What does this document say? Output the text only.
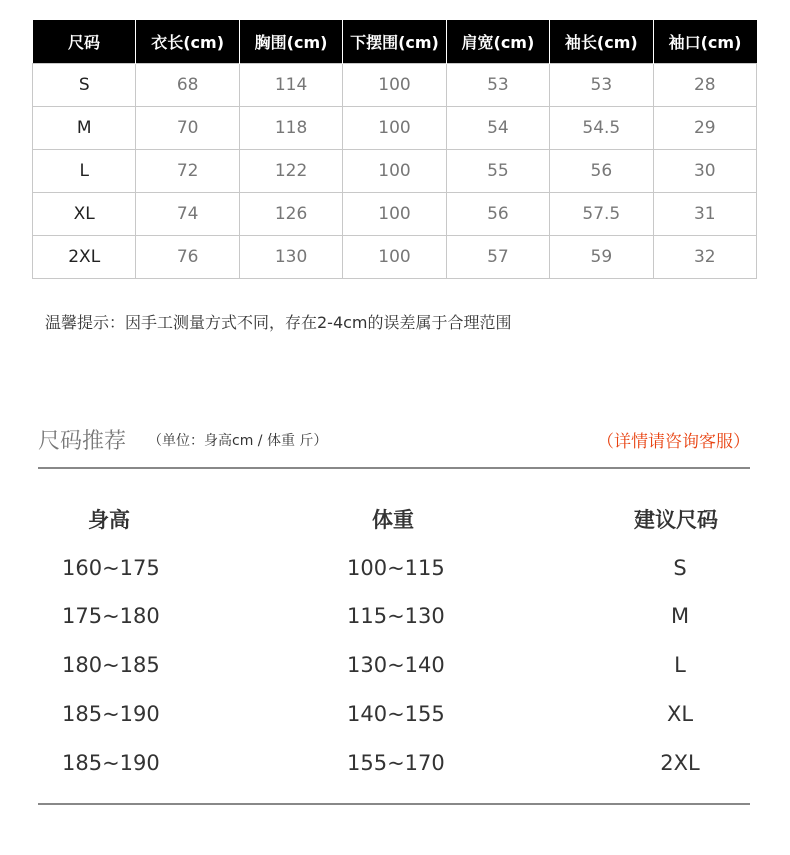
尺码	衣长(cm)	胸围(cm)	下摆围(cm)	肩宽(cm)	袖长(cm)	袖口(cm)
S	68	114	100	53	53	28
M	70	118	100	54	54.5	29
L	72	122	100	55	56	30
XL	74	126	100	56	57.5	31
2XL	76	130	100	57	59	32
温馨提示：因手工测量方式不同，存在2-4cm的误差属于合理范围
尺码推荐 （单位：身高cm / 体重 斤）	（详情请咨询客服）
身高	体重	建议尺码
160~175	100~115	S
175~180	115~130	M
180~185	130~140	L
185~190	140~155	XL
185~190	155~170	2XL
